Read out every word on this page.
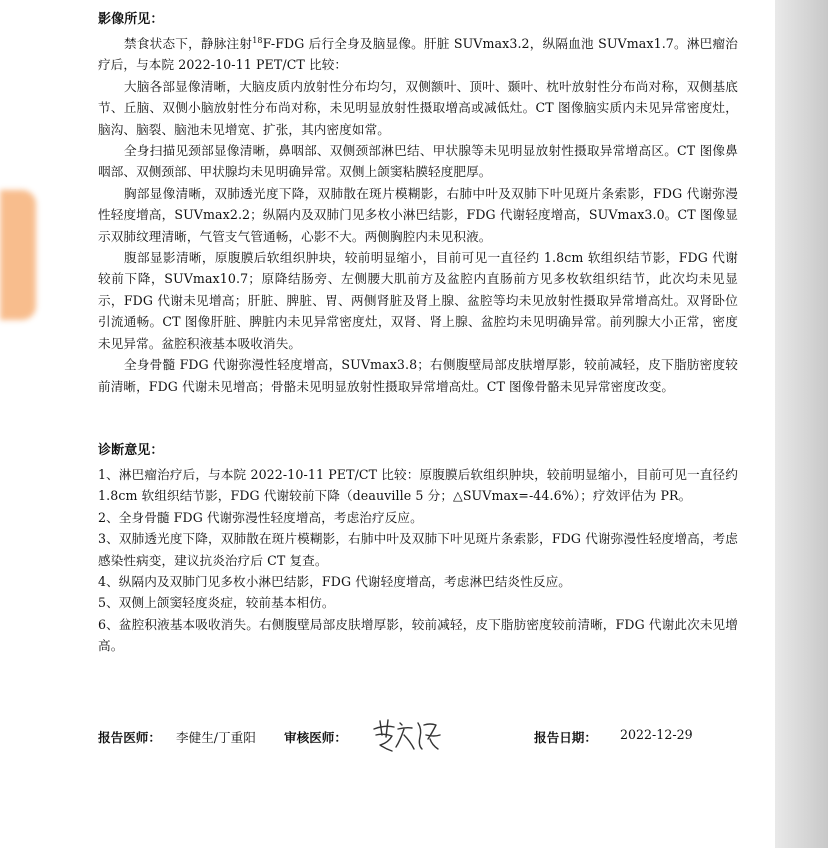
影像所见：

禁食状态下，静脉注射$^{18}$F-FDG 后行全身及脑显像。肝脏 SUVmax3.2，纵隔血池 SUVmax1.7。淋巴瘤治疗后，与本院 2022-10-11 PET/CT 比较：

大脑各部显像清晰，大脑皮质内放射性分布均匀，双侧额叶、顶叶、颞叶、枕叶放射性分布尚对称，双侧基底节、丘脑、双侧小脑放射性分布尚对称，未见明显放射性摄取增高或减低灶。CT 图像脑实质内未见异常密度灶，脑沟、脑裂、脑池未见增宽、扩张，其内密度如常。

全身扫描见颈部显像清晰，鼻咽部、双侧颈部淋巴结、甲状腺等未见明显放射性摄取异常增高区。CT 图像鼻咽部、双侧颈部、甲状腺均未见明确异常。双侧上颌窦粘膜轻度肥厚。

胸部显像清晰，双肺透光度下降，双肺散在斑片模糊影，右肺中叶及双肺下叶见斑片条索影，FDG 代谢弥漫性轻度增高，SUVmax2.2；纵隔内及双肺门见多枚小淋巴结影，FDG 代谢轻度增高，SUVmax3.0。CT 图像显示双肺纹理清晰，气管支气管通畅，心影不大。两侧胸腔内未见积液。

腹部显影清晰，原腹膜后软组织肿块，较前明显缩小，目前可见一直径约 1.8cm 软组织结节影，FDG 代谢较前下降，SUVmax10.7；原降结肠旁、左侧腰大肌前方及盆腔内直肠前方见多枚软组织结节，此次均未见显示，FDG 代谢未见增高；肝脏、脾脏、胃、两侧肾脏及肾上腺、盆腔等均未见放射性摄取异常增高灶。双肾卧位引流通畅。CT 图像肝脏、脾脏内未见异常密度灶，双肾、肾上腺、盆腔均未见明确异常。前列腺大小正常，密度未见异常。盆腔积液基本吸收消失。

全身骨髓 FDG 代谢弥漫性轻度增高，SUVmax3.8；右侧腹壁局部皮肤增厚影，较前减轻，皮下脂肪密度较前清晰，FDG 代谢未见增高；骨骼未见明显放射性摄取异常增高灶。CT 图像骨骼未见异常密度改变。

诊断意见：

1、淋巴瘤治疗后，与本院 2022-10-11 PET/CT 比较：原腹膜后软组织肿块，较前明显缩小，目前可见一直径约 1.8cm 软组织结节影，FDG 代谢较前下降（deauville 5 分；△SUVmax=-44.6%）；疗效评估为 PR。

2、全身骨髓 FDG 代谢弥漫性轻度增高，考虑治疗反应。

3、双肺透光度下降，双肺散在斑片模糊影，右肺中叶及双肺下叶见斑片条索影，FDG 代谢弥漫性轻度增高，考虑感染性病变，建议抗炎治疗后 CT 复查。

4、纵隔内及双肺门见多枚小淋巴结影，FDG 代谢轻度增高，考虑淋巴结炎性反应。

5、双侧上颌窦轻度炎症，较前基本相仿。

6、盆腔积液基本吸收消失。右侧腹壁局部皮肤增厚影，较前减轻，皮下脂肪密度较前清晰，FDG 代谢此次未见增高。

报告医师： 李健生/丁重阳 审核医师：	报告日期： 2022-12-29
